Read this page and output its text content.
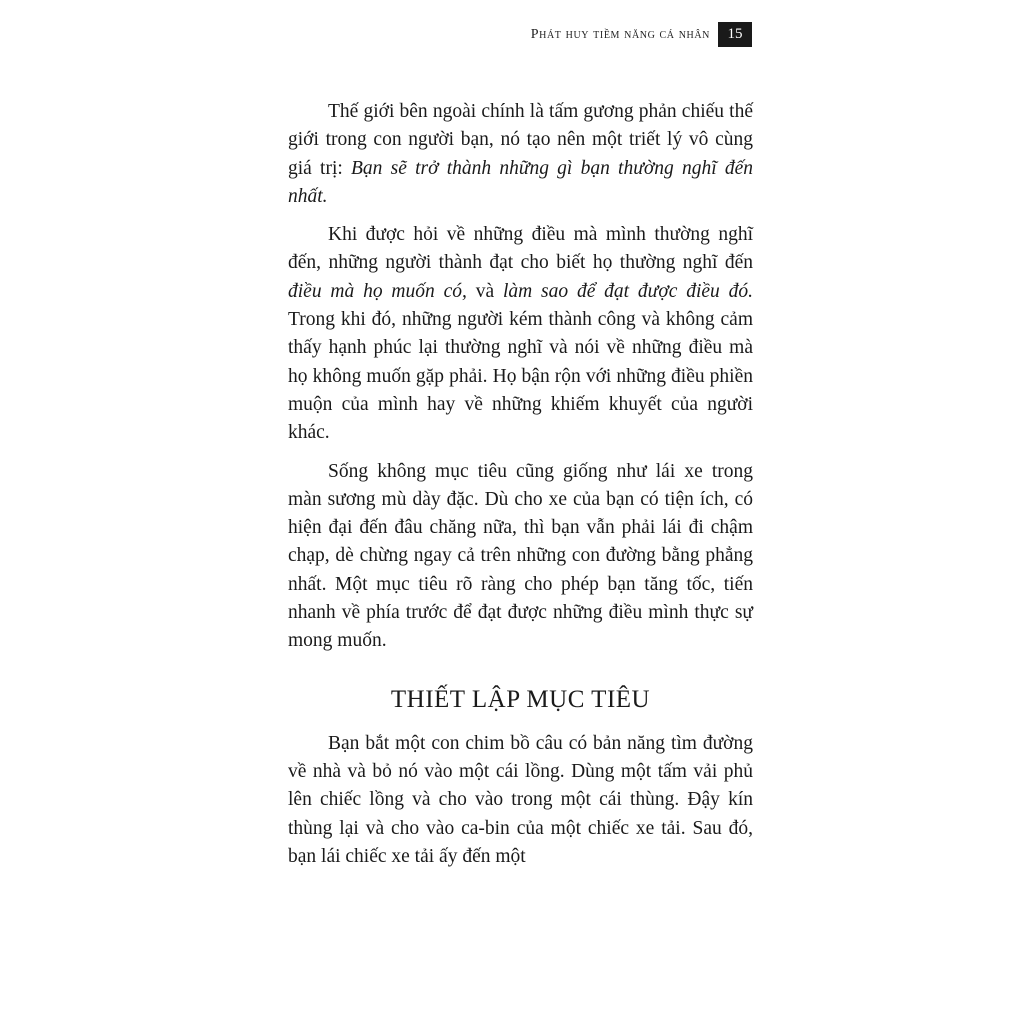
Phát huy tiềm năng cá nhân	15

Thế giới bên ngoài chính là tấm gương phản chiếu thế giới trong con người bạn, nó tạo nên một triết lý vô cùng giá trị: Bạn sẽ trở thành những gì bạn thường nghĩ đến nhất.

Khi được hỏi về những điều mà mình thường nghĩ đến, những người thành đạt cho biết họ thường nghĩ đến điều mà họ muốn có, và làm sao để đạt được điều đó. Trong khi đó, những người kém thành công và không cảm thấy hạnh phúc lại thường nghĩ và nói về những điều mà họ không muốn gặp phải. Họ bận rộn với những điều phiền muộn của mình hay về những khiếm khuyết của người khác.

Sống không mục tiêu cũng giống như lái xe trong màn sương mù dày đặc. Dù cho xe của bạn có tiện ích, có hiện đại đến đâu chăng nữa, thì bạn vẫn phải lái đi chậm chạp, dè chừng ngay cả trên những con đường bằng phẳng nhất. Một mục tiêu rõ ràng cho phép bạn tăng tốc, tiến nhanh về phía trước để đạt được những điều mình thực sự mong muốn.

THIẾT LẬP MỤC TIÊU

Bạn bắt một con chim bồ câu có bản năng tìm đường về nhà và bỏ nó vào một cái lồng. Dùng một tấm vải phủ lên chiếc lồng và cho vào trong một cái thùng. Đậy kín thùng lại và cho vào ca-bin của một chiếc xe tải. Sau đó, bạn lái chiếc xe tải ấy đến một
